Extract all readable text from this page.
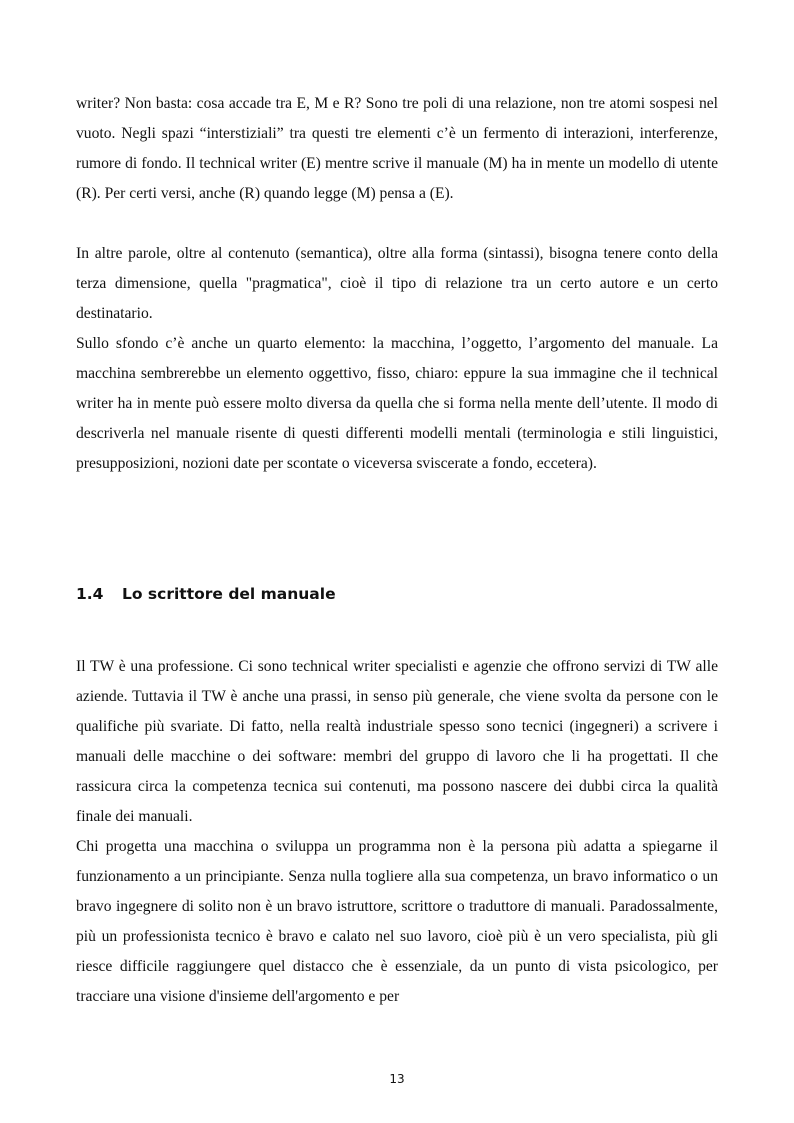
writer? Non basta: cosa accade tra E, M e R? Sono tre poli di una relazione, non tre atomi sospesi nel vuoto. Negli spazi “interstiziali” tra questi tre elementi c’è un fermento di interazioni, interferenze, rumore di fondo. Il technical writer (E) mentre scrive il manuale (M) ha in mente un modello di utente (R). Per certi versi, anche (R) quando legge (M) pensa a (E).

In altre parole, oltre al contenuto (semantica), oltre alla forma (sintassi), bisogna tenere conto della terza dimensione, quella "pragmatica", cioè il tipo di relazione tra un certo autore e un certo destinatario.

Sullo sfondo c’è anche un quarto elemento: la macchina, l’oggetto, l’argomento del manuale. La macchina sembrerebbe un elemento oggettivo, fisso, chiaro: eppure la sua immagine che il technical writer ha in mente può essere molto diversa da quella che si forma nella mente dell’utente. Il modo di descriverla nel manuale risente di questi differenti modelli mentali (terminologia e stili linguistici, presupposizioni, nozioni date per scontate o viceversa sviscerate a fondo, eccetera).

1.4 Lo scrittore del manuale

Il TW è una professione. Ci sono technical writer specialisti e agenzie che offrono servizi di TW alle aziende. Tuttavia il TW è anche una prassi, in senso più generale, che viene svolta da persone con le qualifiche più svariate. Di fatto, nella realtà industriale spesso sono tecnici (ingegneri) a scrivere i manuali delle macchine o dei software: membri del gruppo di lavoro che li ha progettati. Il che rassicura circa la competenza tecnica sui contenuti, ma possono nascere dei dubbi circa la qualità finale dei manuali.

Chi progetta una macchina o sviluppa un programma non è la persona più adatta a spiegarne il funzionamento a un principiante. Senza nulla togliere alla sua competenza, un bravo informatico o un bravo ingegnere di solito non è un bravo istruttore, scrittore o traduttore di manuali. Paradossalmente, più un professionista tecnico è bravo e calato nel suo lavoro, cioè più è un vero specialista, più gli riesce difficile raggiungere quel distacco che è essenziale, da un punto di vista psicologico, per tracciare una visione d'insieme dell'argomento e per

13
